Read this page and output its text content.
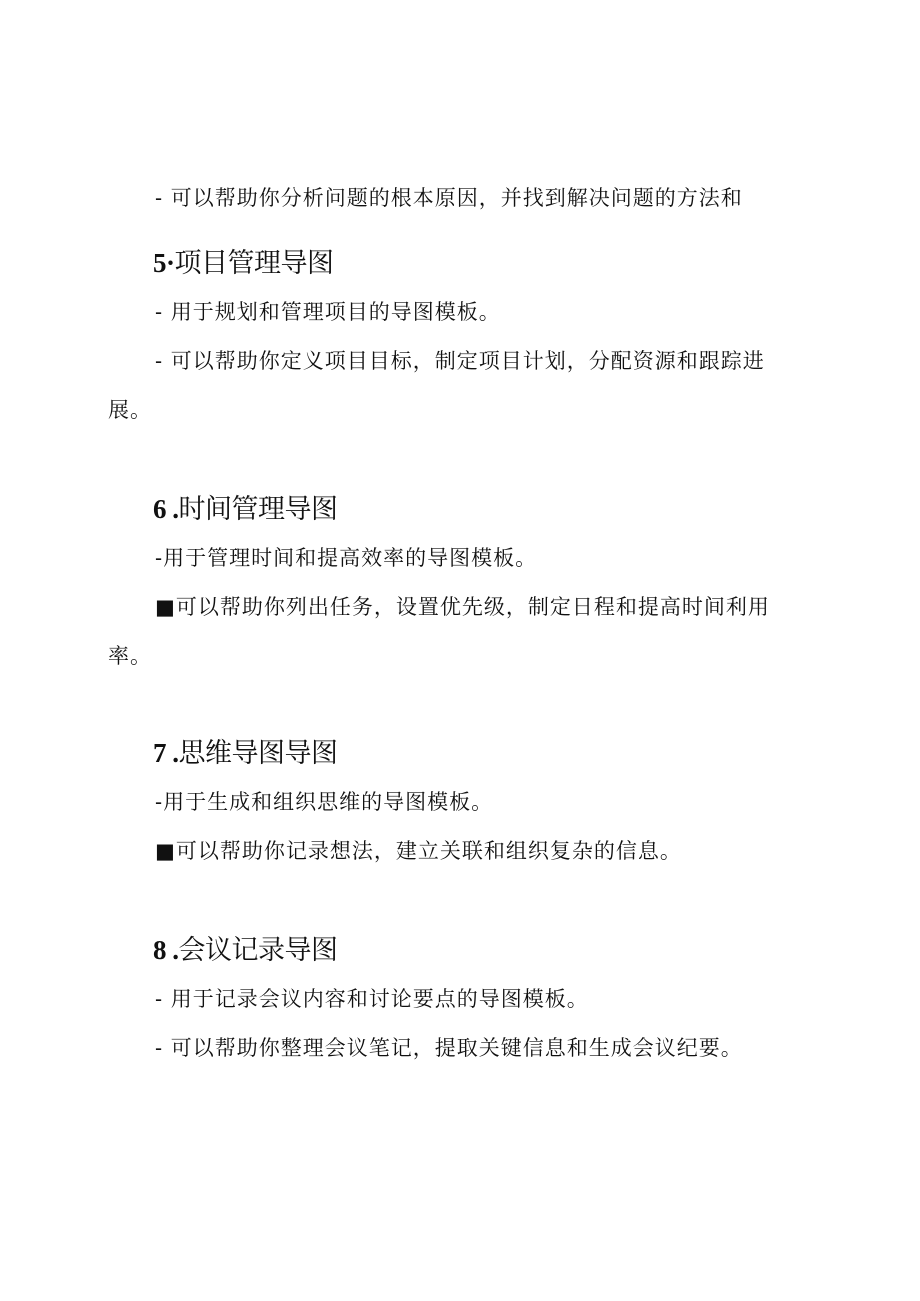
- 可以帮助你分析问题的根本原因，并找到解决问题的方法和
5·项目管理导图
- 用于规划和管理项目的导图模板。
- 可以帮助你定义项目目标，制定项目计划，分配资源和跟踪进
展。
6 .时间管理导图
-用于管理时间和提高效率的导图模板。
■可以帮助你列出任务，设置优先级，制定日程和提高时间利用
率。
7 .思维导图导图
-用于生成和组织思维的导图模板。
■可以帮助你记录想法，建立关联和组织复杂的信息。
8 .会议记录导图
- 用于记录会议内容和讨论要点的导图模板。
- 可以帮助你整理会议笔记，提取关键信息和生成会议纪要。
